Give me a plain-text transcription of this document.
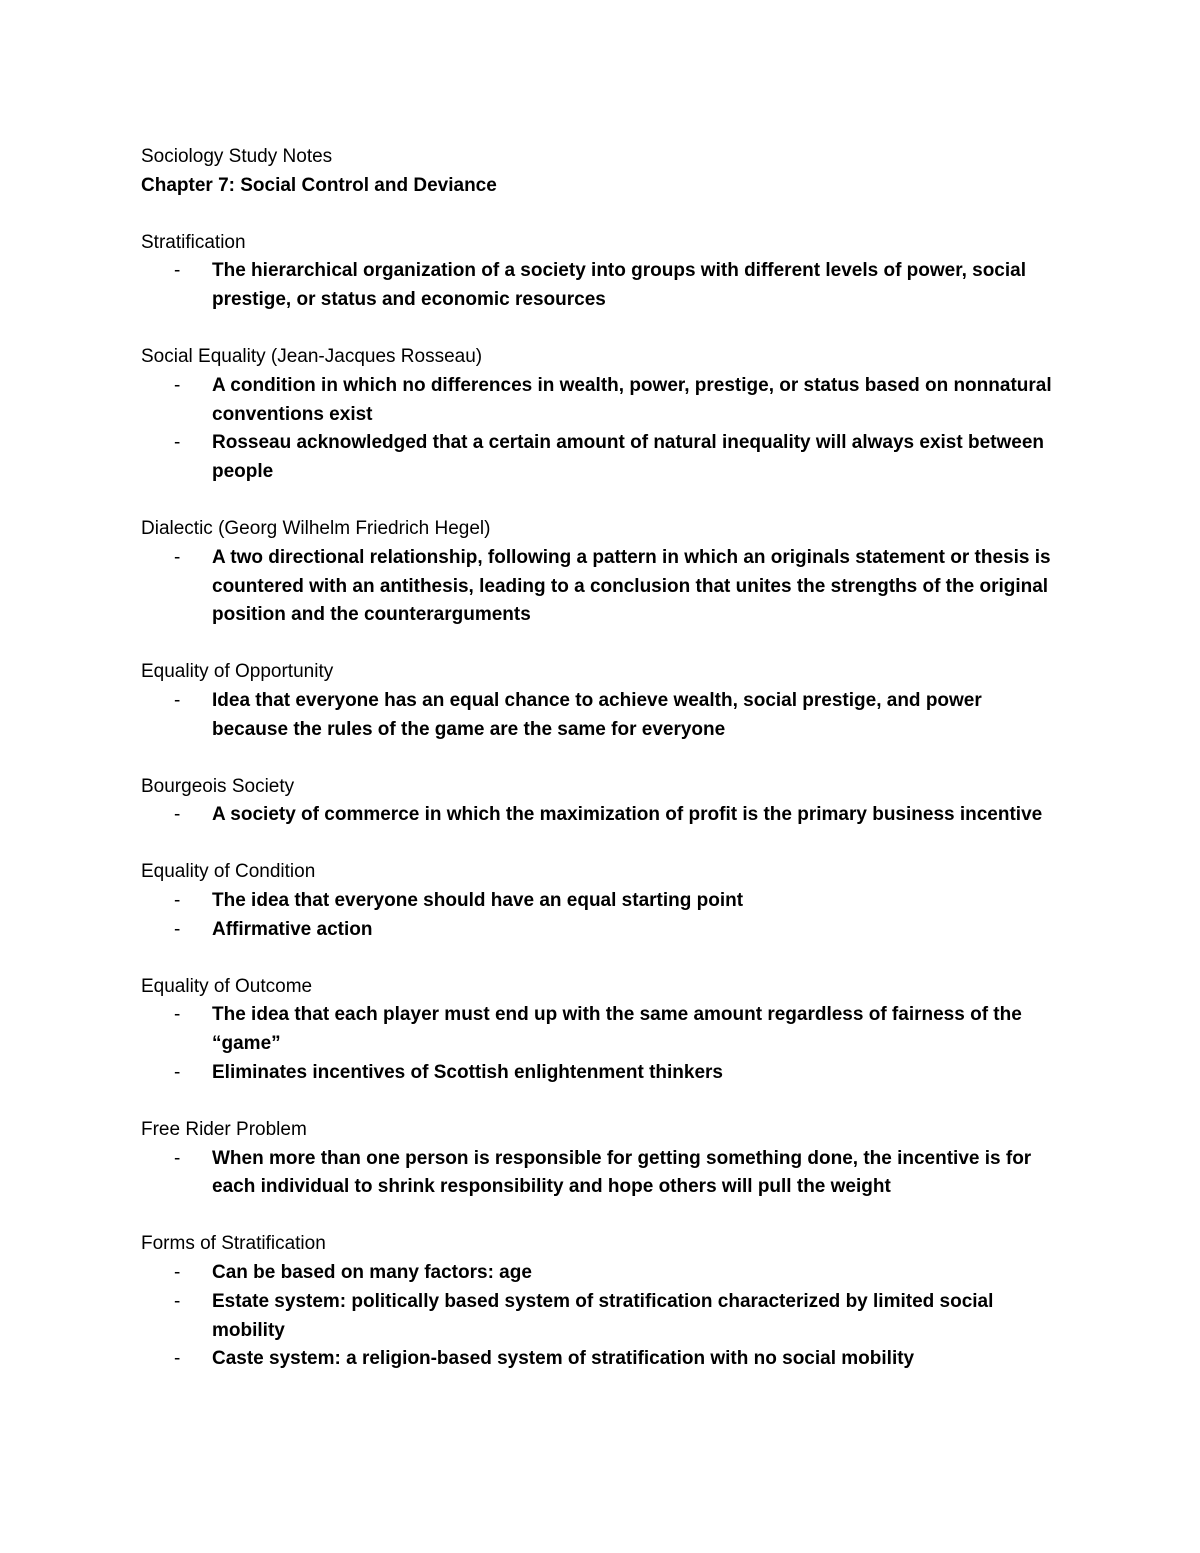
Sociology Study Notes

Chapter 7: Social Control and Deviance

Stratification

- The hierarchical organization of a society into groups with different levels of power, social prestige, or status and economic resources

Social Equality (Jean-Jacques Rosseau)

- A condition in which no differences in wealth, power, prestige, or status based on nonnatural conventions exist
- Rosseau acknowledged that a certain amount of natural inequality will always exist between people

Dialectic (Georg Wilhelm Friedrich Hegel)

- A two directional relationship, following a pattern in which an originals statement or thesis is countered with an antithesis, leading to a conclusion that unites the strengths of the original position and the counterarguments

Equality of Opportunity

- Idea that everyone has an equal chance to achieve wealth, social prestige, and power because the rules of the game are the same for everyone

Bourgeois Society

- A society of commerce in which the maximization of profit is the primary business incentive

Equality of Condition

- The idea that everyone should have an equal starting point
- Affirmative action

Equality of Outcome

- The idea that each player must end up with the same amount regardless of fairness of the “game”
- Eliminates incentives of Scottish enlightenment thinkers

Free Rider Problem

- When more than one person is responsible for getting something done, the incentive is for each individual to shrink responsibility and hope others will pull the weight

Forms of Stratification

- Can be based on many factors: age
- Estate system: politically based system of stratification characterized by limited social mobility
- Caste system: a religion-based system of stratification with no social mobility
